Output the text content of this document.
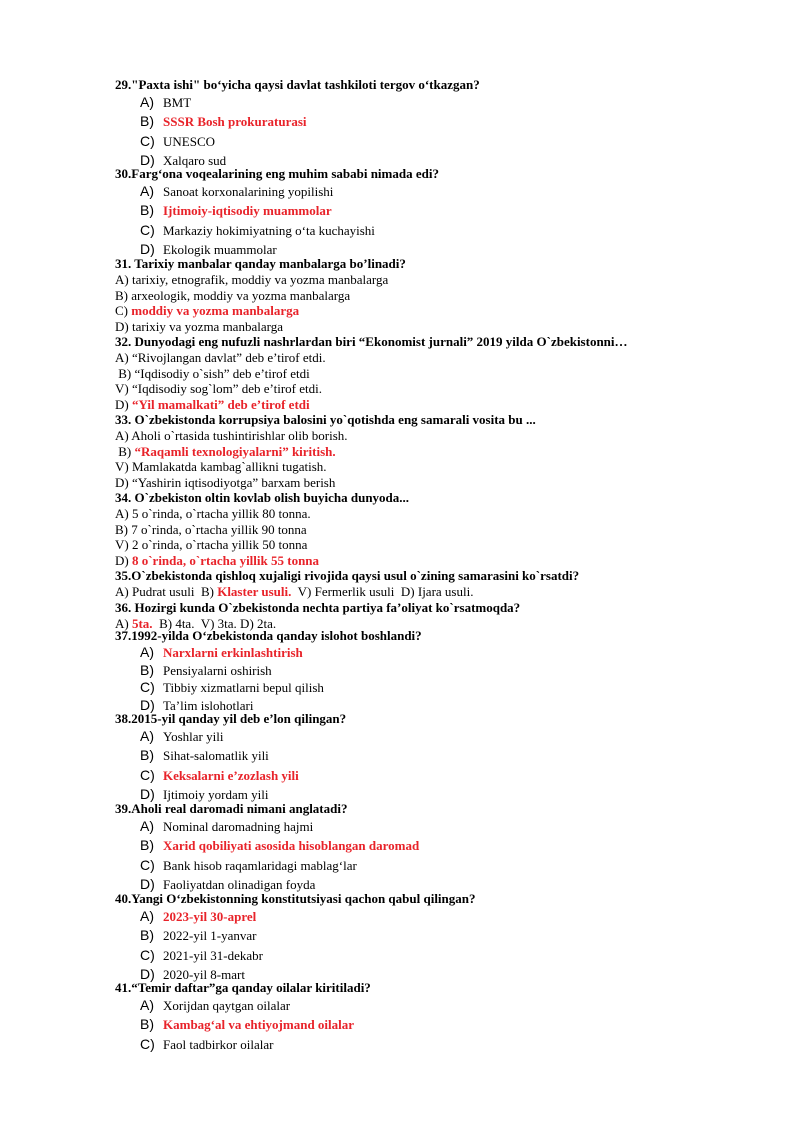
29."Paxta ishi" bo‘yicha qaysi davlat tashkiloti tergov o‘tkazgan?

A) BMT
B) SSSR Bosh prokuraturasi
C) UNESCO
D) Xalqaro sud

30.Farg‘ona voqealarining eng muhim sababi nimada edi?

A) Sanoat korxonalarining yopilishi
B) Ijtimoiy-iqtisodiy muammolar
C) Markaziy hokimiyatning o‘ta kuchayishi
D) Ekologik muammolar

31. Tarixiy manbalar qanday manbalarga bo’linadi?

A) tarixiy, etnografik, moddiy va yozma manbalarga
B) arxeologik, moddiy va yozma manbalarga
C) moddiy va yozma manbalarga
D) tarixiy va yozma manbalarga

32. Dunyodagi eng nufuzli nashrlardan biri “Ekonomist jurnali” 2019 yilda O`zbekistonni…

A) “Rivojlangan davlat” deb e’tirof etdi.
B) “Iqdisodiy o`sish” deb e’tirof etdi
V) “Iqdisodiy sog`lom” deb e’tirof etdi.
D) “Yil mamalkati” deb e’tirof etdi

33. O`zbekistonda korrupsiya balosini yo`qotishda eng samarali vosita bu ...

A) Aholi o`rtasida tushintirishlar olib borish.
B) “Raqamli texnologiyalarni” kiritish.
V) Mamlakatda kambag`allikni tugatish.
D) “Yashirin iqtisodiyotga” barxam berish

34. O`zbekiston oltin kovlab olish buyicha dunyoda...

A) 5 o`rinda, o`rtacha yillik 80 tonna.
B) 7 o`rinda, o`rtacha yillik 90 tonna
V) 2 o`rinda, o`rtacha yillik 50 tonna
D) 8 o`rinda, o`rtacha yillik 55 tonna

35.O`zbekistonda qishloq xujaligi rivojida qaysi usul o`zining samarasini ko`rsatdi?

A) Pudrat usuli  B) Klaster usuli.  V) Fermerlik usuli  D) Ijara usuli.

36. Hozirgi kunda O`zbekistonda nechta partiya fa’oliyat ko`rsatmoqda?

A) 5ta.  B) 4ta.  V) 3ta. D) 2ta.

37.1992-yilda O‘zbekistonda qanday islohot boshlandi?

A) Narxlarni erkinlashtirish
B) Pensiyalarni oshirish
C) Tibbiy xizmatlarni bepul qilish
D) Ta’lim islohotlari

38.2015-yil qanday yil deb e’lon qilingan?

A) Yoshlar yili
B) Sihat-salomatlik yili
C) Keksalarni e’zozlash yili
D) Ijtimoiy yordam yili

39.Aholi real daromadi nimani anglatadi?

A) Nominal daromadning hajmi
B) Xarid qobiliyati asosida hisoblangan daromad
C) Bank hisob raqamlaridagi mablag‘lar
D) Faoliyatdan olinadigan foyda

40.Yangi O‘zbekistonning konstitutsiyasi qachon qabul qilingan?

A) 2023-yil 30-aprel
B) 2022-yil 1-yanvar
C) 2021-yil 31-dekabr
D) 2020-yil 8-mart

41.“Temir daftar”ga qanday oilalar kiritiladi?

A) Xorijdan qaytgan oilalar
B) Kambag‘al va ehtiyojmand oilalar
C) Faol tadbirkor oilalar
